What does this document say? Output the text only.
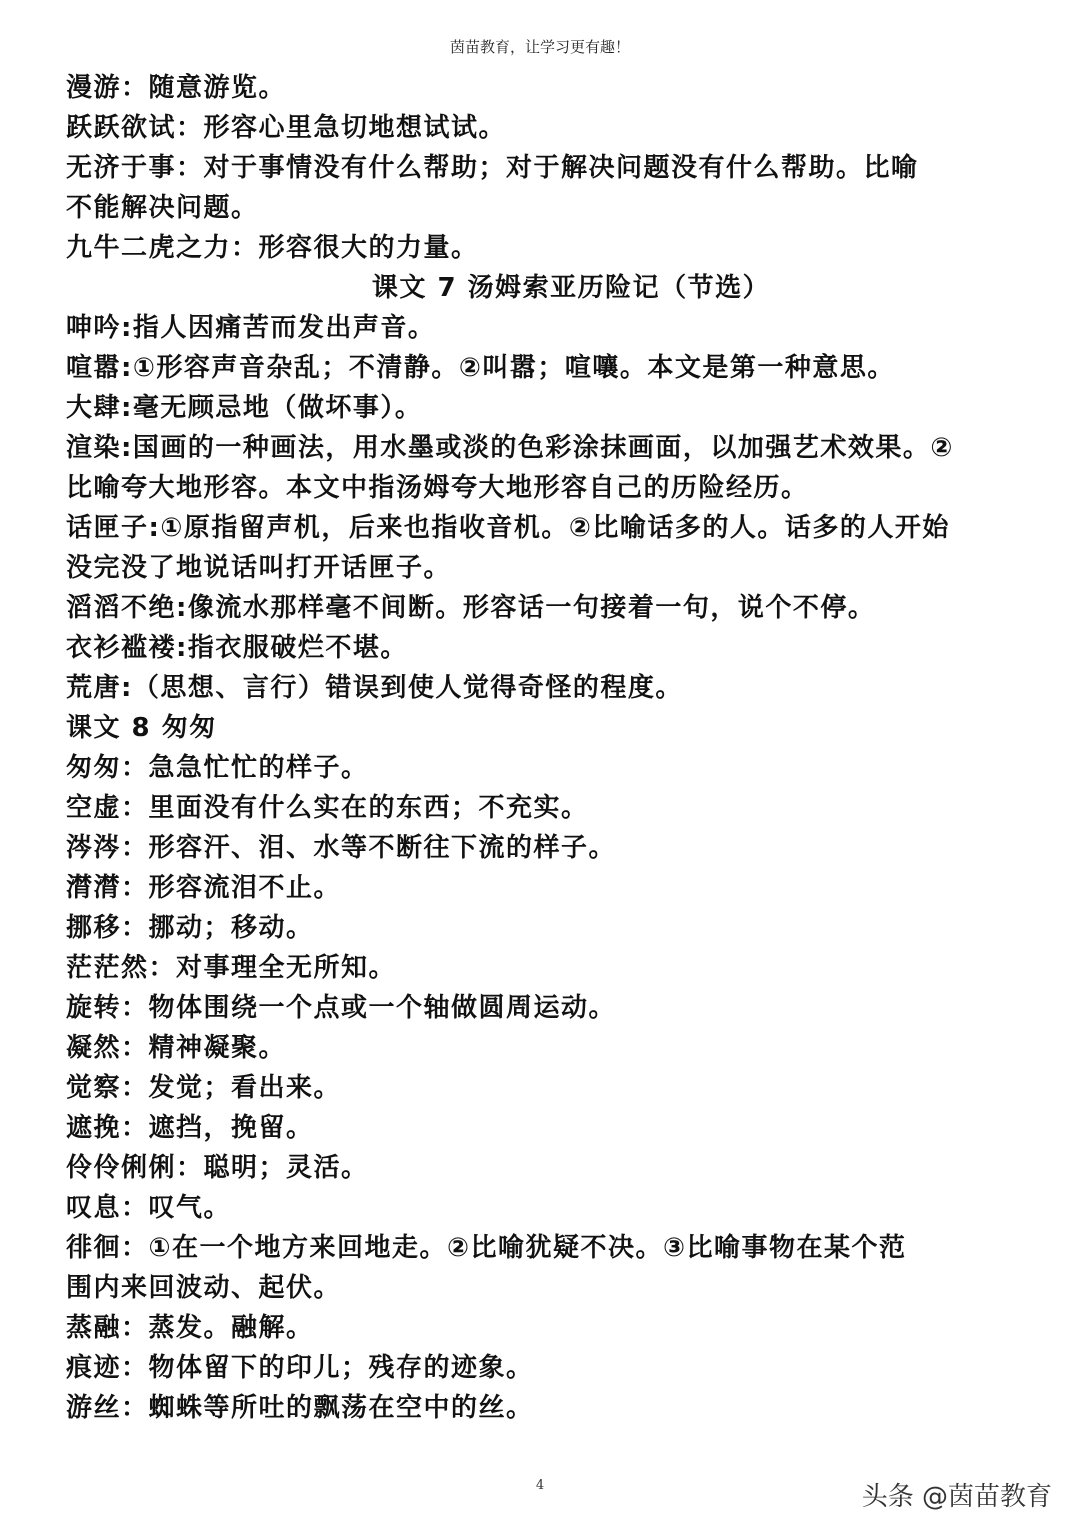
茵苗教育，让学习更有趣！
漫游：随意游览。
跃跃欲试：形容心里急切地想试试。
无济于事：对于事情没有什么帮助；对于解决问题没有什么帮助。比喻
不能解决问题。
九牛二虎之力：形容很大的力量。
课文 7 汤姆索亚历险记（节选）
呻吟:指人因痛苦而发出声音。
喧嚣:①形容声音杂乱；不清静。②叫嚣；喧嚷。本文是第一种意思。
大肆:毫无顾忌地（做坏事）。
渲染:国画的一种画法，用水墨或淡的色彩涂抹画面，以加强艺术效果。②
比喻夸大地形容。本文中指汤姆夸大地形容自己的历险经历。
话匣子:①原指留声机，后来也指收音机。②比喻话多的人。话多的人开始
没完没了地说话叫打开话匣子。
滔滔不绝:像流水那样毫不间断。形容话一句接着一句，说个不停。
衣衫褴褛:指衣服破烂不堪。
荒唐:（思想、言行）错误到使人觉得奇怪的程度。
课文 8 匆匆
匆匆：急急忙忙的样子。
空虚：里面没有什么实在的东西；不充实。
涔涔：形容汗、泪、水等不断往下流的样子。
潸潸：形容流泪不止。
挪移：挪动；移动。
茫茫然：对事理全无所知。
旋转：物体围绕一个点或一个轴做圆周运动。
凝然：精神凝聚。
觉察：发觉；看出来。
遮挽：遮挡，挽留。
伶伶俐俐：聪明；灵活。
叹息：叹气。
徘徊：①在一个地方来回地走。②比喻犹疑不决。③比喻事物在某个范
围内来回波动、起伏。
蒸融：蒸发。融解。
痕迹：物体留下的印儿；残存的迹象。
游丝：蜘蛛等所吐的飘荡在空中的丝。
4	头条 @茵苗教育
